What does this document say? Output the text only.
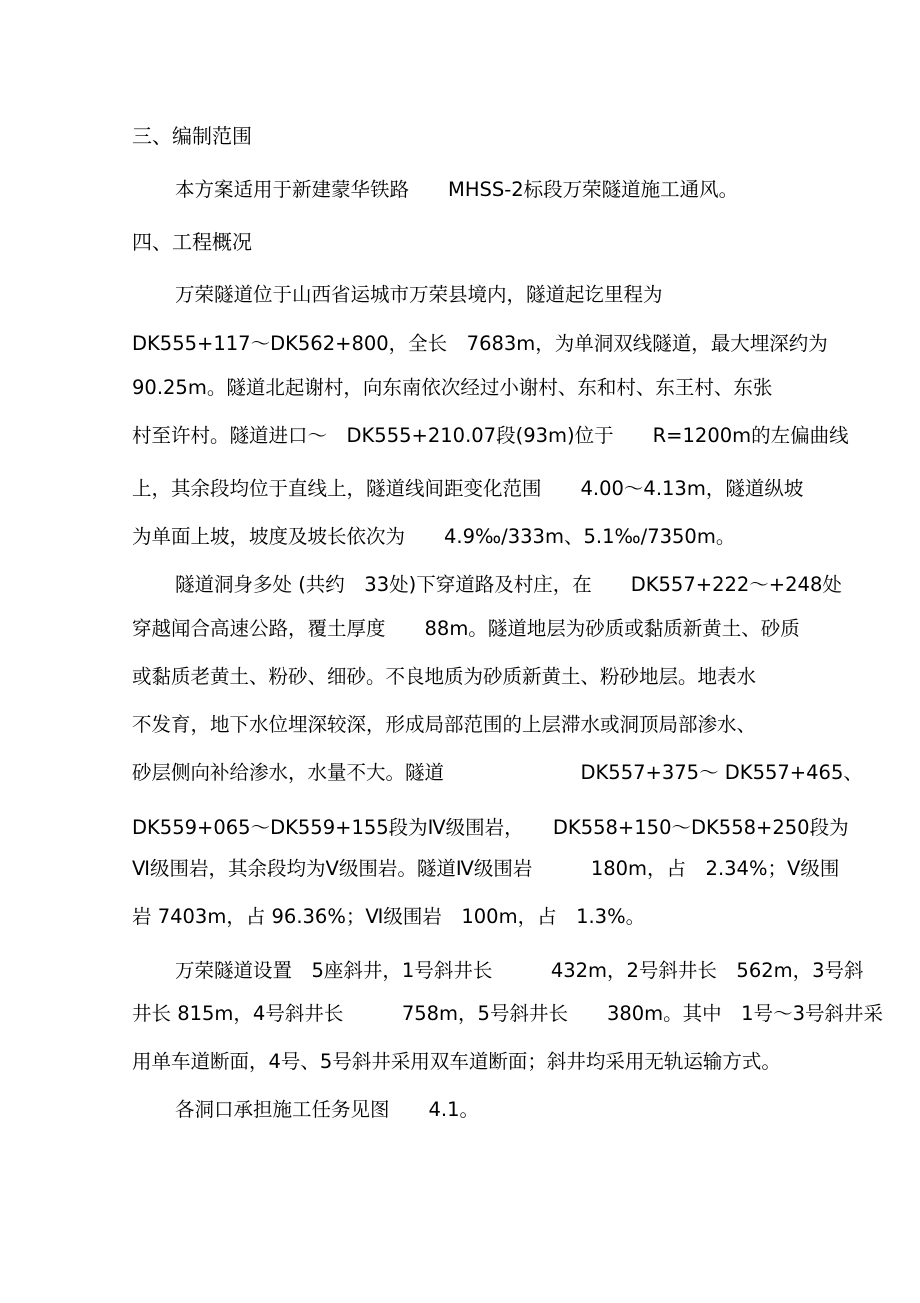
三、编制范围
本方案适用于新建蒙华铁路　　MHSS-2标段万荣隧道施工通风。
四、工程概况
万荣隧道位于山西省运城市万荣县境内，隧道起讫里程为
DK555+117～DK562+800，全长　7683m，为单洞双线隧道，最大埋深约为
90.25m。隧道北起谢村，向东南依次经过小谢村、东和村、东王村、东张
村至许村。隧道进口～　DK555+210.07段(93m)位于　　R=1200m的左偏曲线
上，其余段均位于直线上，隧道线间距变化范围　　4.00～4.13m，隧道纵坡
为单面上坡，坡度及坡长依次为　　4.9‰/333m、5.1‰/7350m。
隧道洞身多处 (共约　33处)下穿道路及村庄，在　　DK557+222～+248处
穿越闻合高速公路，覆土厚度　　88m。隧道地层为砂质或黏质新黄土、砂质
或黏质老黄土、粉砂、细砂。不良地质为砂质新黄土、粉砂地层。地表水
不发育，地下水位埋深较深，形成局部范围的上层滞水或洞顶局部渗水、
砂层侧向补给渗水，水量不大。隧道　　　　　　　DK557+375～ DK557+465、
DK559+065～DK559+155段为Ⅳ级围岩，　　DK558+150～DK558+250段为
Ⅵ级围岩，其余段均为Ⅴ级围岩。隧道Ⅳ级围岩　　　180m，占　2.34%；Ⅴ级围
岩 7403m，占 96.36%；Ⅵ级围岩　100m，占　1.3%。
万荣隧道设置　5座斜井，1号斜井长　　　432m，2号斜井长　562m，3号斜
井长 815m，4号斜井长　　　758m，5号斜井长　　380m。其中　1号～3号斜井采
用单车道断面，4号、5号斜井采用双车道断面；斜井均采用无轨运输方式。
各洞口承担施工任务见图　　4.1。
